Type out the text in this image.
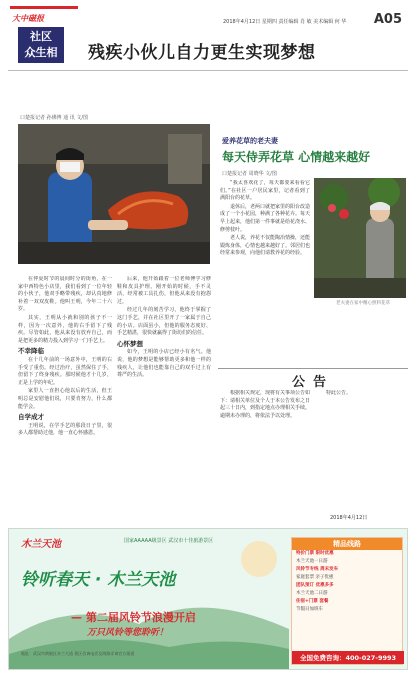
大中磁报
社区
众生相
2018年4月12日 星期四 责任编辑 肖 敏 美术编辑 何 华 A05
残疾小伙儿自力更生实现梦想
口楚报记者 孙佛博 通 讯 文/图

在仲夏时节的晨间时分的街角，在一家中西特色小店里，我们看到了一位年轻的小伙子，他双手略带残疾，却认真地修补着一双双皮鞋。他叫王明，今年二十六岁。

其实，王明从小就和别的孩子不一样，因为一次意外，他的右手留下了残疾。尽管如此，他从来没有放弃自己，而是把更多的精力投入到学习一门手艺上。

不幸降临

在十几年前的一场意外中，王明的右手受了重伤。经过治疗，虽然保住了手，但留下了终身残疾。那时候他才十几岁，正是上学的年纪。

家里人一直担心他以后的生活，但王明总是安慰他们说，只要肯努力，什么都能学会。

自学成才

王明说，在学手艺的那段日子里，很多人都帮助过他，他一直心怀感恩。

后来，他开始跟着一位老师傅学习修鞋和皮具护理。刚开始的时候，手不灵活，经常被工具扎伤，但他从来没有抱怨过。

经过几年的刻苦学习，他终于掌握了这门手艺，并在社区里开了一家属于自己的小店。店面虽小，但他的服务态度好、手艺精湛，很快就赢得了街坊们的信任。

心怀梦想

如今，王明的小店已经小有名气。他说，他的梦想是能够帮助更多和他一样的残疾人，让他们也能靠自己的双手过上有尊严的生活。

爱养花草的老夫妻
每天侍弄花草 心情越来越好
口楚报记者 周晓华 文/图

“我太喜欢花了，每天都要来看看它们。”在社区一户居民家里，记者看到了满阳台的花草。

退休后，老两口就把家里的阳台改造成了一个小花园，种满了各种花卉。每天早上起来，他们第一件事就是给花浇水、修剪枝叶。

老人说，养花不仅能陶冶情操，还能锻炼身体，心情也越来越好了。邻居们也经常来参观，向他们请教养花的经验。

老夫妻在家中精心照料花草
公告

根据相关规定，现将有关事项公告如下：请相关单位及个人于本公告发布之日起三十日内，到指定地点办理相关手续。逾期未办理的，将依法予以处理。

特此公告。

2018年4月12日
木兰天池	国家AAAAA级景区 武汉市十佳旅游景区
铃听春天 · 木兰天池
— 第二届风铃节浪漫开启
万只风铃等您聆听！
地址：武汉市黄陂区木兰大道 景区咨询电话及线路详询官方渠道
精品线路
特价门票 限时优惠
木兰天池一日游
风铃节专线 周末发车
家庭套票 亲子优惠
团队预订 优惠多多
木兰天池二日游
住宿+门票 套餐
节假日加班车
全国免费咨询：400-027-9993
